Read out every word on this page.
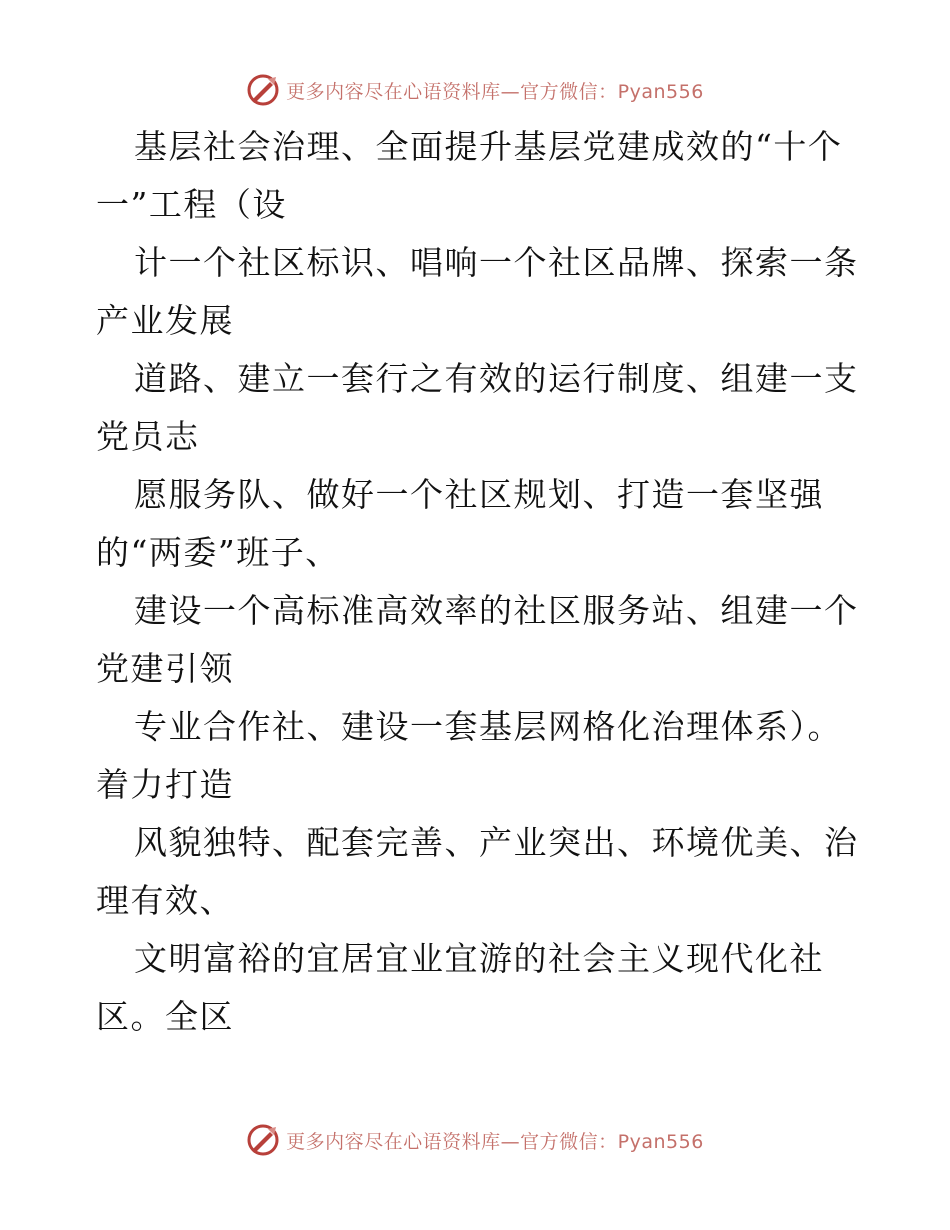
更多内容尽在心语资料库—官方微信：Pyan556
基层社会治理、全面提升基层党建成效的“十个
一”工程（设
计一个社区标识、唱响一个社区品牌、探索一条
产业发展
道路、建立一套行之有效的运行制度、组建一支
党员志
愿服务队、做好一个社区规划、打造一套坚强
的“两委”班子、
建设一个高标准高效率的社区服务站、组建一个
党建引领
专业合作社、建设一套基层网格化治理体系）。
着力打造
风貌独特、配套完善、产业突出、环境优美、治
理有效、
文明富裕的宜居宜业宜游的社会主义现代化社
区。全区
更多内容尽在心语资料库—官方微信：Pyan556
